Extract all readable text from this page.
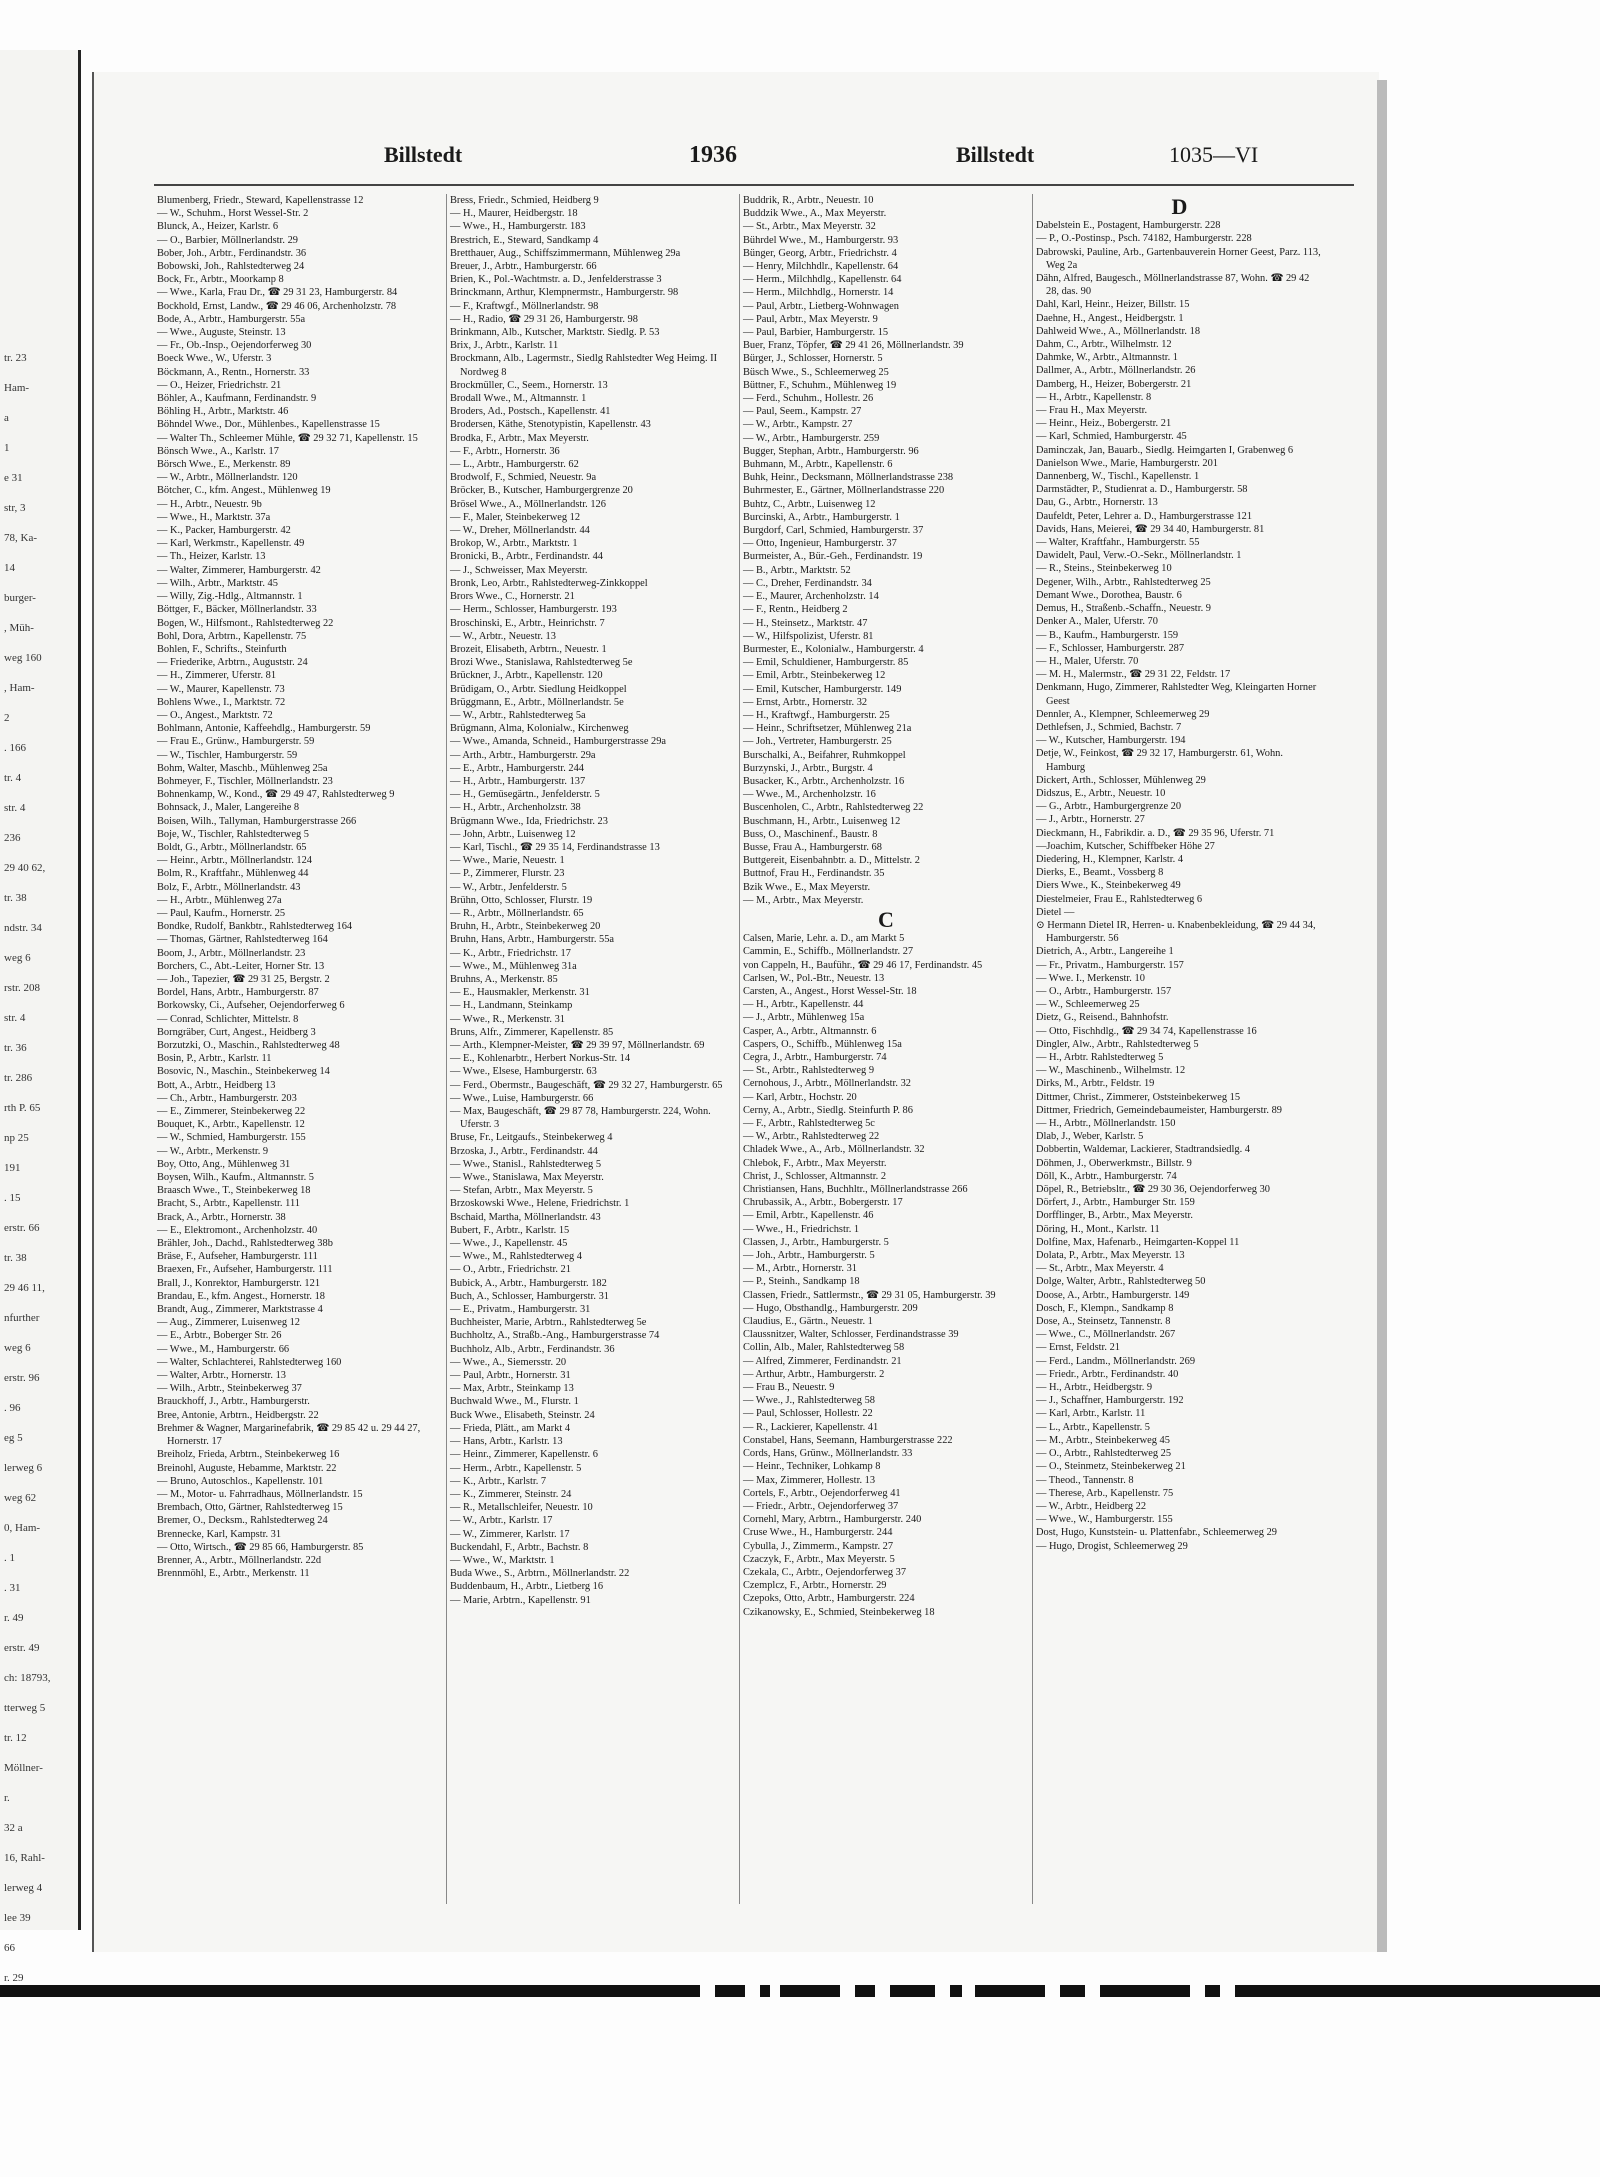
tr. 23
Ham-
a
1
e 31
str, 3
78, Ka-
14
burger-
, Müh-
weg 160
, Ham-
2
. 166
tr. 4
str. 4
236
29 40 62,
tr. 38
ndstr. 34
weg 6
rstr. 208
str. 4
tr. 36
tr. 286
rth P. 65
np 25
191
. 15
erstr. 66
tr. 38
29 46 11,
nfurther
weg 6
erstr. 96
. 96
eg 5
lerweg 6
weg 62
0, Ham-
. 1
. 31
r. 49
erstr. 49
ch: 18793,
tterweg 5
tr. 12
Möllner-
r.
32 a
16, Rahl-
lerweg 4
lee 39
66
r. 29
Billstedt	1936	Billstedt	1035—VI

Blumenberg, Friedr., Steward, Kapellenstrasse 12

— W., Schuhm., Horst Wessel-Str. 2

Blunck, A., Heizer, Karlstr. 6

— O., Barbier, Möllnerlandstr. 29

Bober, Joh., Arbtr., Ferdinandstr. 36

Bobowski, Joh., Rahlstedterweg 24

Bock, Fr., Arbtr., Moorkamp 8

— Wwe., Karla, Frau Dr., ☎ 29 31 23, Hamburgerstr. 84

Bockhold, Ernst, Landw., ☎ 29 46 06, Archenholzstr. 78

Bode, A., Arbtr., Hamburgerstr. 55a

— Wwe., Auguste, Steinstr. 13

— Fr., Ob.-Insp., Oejendorferweg 30

Boeck Wwe., W., Uferstr. 3

Böckmann, A., Rentn., Hornerstr. 33

— O., Heizer, Friedrichstr. 21

Böhler, A., Kaufmann, Ferdinandstr. 9

Böhling H., Arbtr., Marktstr. 46

Böhndel Wwe., Dor., Mühlenbes., Kapellenstrasse 15

— Walter Th., Schleemer Mühle, ☎ 29 32 71, Kapellenstr. 15

Bönsch Wwe., A., Karlstr. 17

Börsch Wwe., E., Merkenstr. 89

— W., Arbtr., Möllnerlandstr. 120

Bötcher, C., kfm. Angest., Mühlenweg 19

— H., Arbtr., Neuestr. 9b

— Wwe., H., Marktstr. 37a

— K., Packer, Hamburgerstr. 42

— Karl, Werkmstr., Kapellenstr. 49

— Th., Heizer, Karlstr. 13

— Walter, Zimmerer, Hamburgerstr. 42

— Wilh., Arbtr., Marktstr. 45

— Willy, Zig.-Hdlg., Altmannstr. 1

Böttger, F., Bäcker, Möllnerlandstr. 33

Bogen, W., Hilfsmont., Rahlstedterweg 22

Bohl, Dora, Arbtrn., Kapellenstr. 75

Bohlen, F., Schrifts., Steinfurth

— Friederike, Arbtrn., Auguststr. 24

— H., Zimmerer, Uferstr. 81

— W., Maurer, Kapellenstr. 73

Bohlens Wwe., I., Marktstr. 72

— O., Angest., Marktstr. 72

Bohlmann, Antonie, Kaffeehdlg., Hamburgerstr. 59

— Frau E., Grünw., Hamburgerstr. 59

— W., Tischler, Hamburgerstr. 59

Bohm, Walter, Maschb., Mühlenweg 25a

Bohmeyer, F., Tischler, Möllnerlandstr. 23

Bohnenkamp, W., Kond., ☎ 29 49 47, Rahlstedterweg 9

Bohnsack, J., Maler, Langereihe 8

Boisen, Wilh., Tallyman, Hamburgerstrasse 266

Boje, W., Tischler, Rahlstedterweg 5

Boldt, G., Arbtr., Möllnerlandstr. 65

— Heinr., Arbtr., Möllnerlandstr. 124

Bolm, R., Kraftfahr., Mühlenweg 44

Bolz, F., Arbtr., Möllnerlandstr. 43

— H., Arbtr., Mühlenweg 27a

— Paul, Kaufm., Hornerstr. 25

Bondke, Rudolf, Bankbtr., Rahlstedterweg 164

— Thomas, Gärtner, Rahlstedterweg 164

Boom, J., Arbtr., Möllnerlandstr. 23

Borchers, C., Abt.-Leiter, Horner Str. 13

— Joh., Tapezier, ☎ 29 31 25, Bergstr. 2

Bordel, Hans, Arbtr., Hamburgerstr. 87

Borkowsky, Ci., Aufseher, Oejendorferweg 6

— Conrad, Schlichter, Mittelstr. 8

Borngräber, Curt, Angest., Heidberg 3

Borzutzki, O., Maschin., Rahlstedterweg 48

Bosin, P., Arbtr., Karlstr. 11

Bosovic, N., Maschin., Steinbekerweg 14

Bott, A., Arbtr., Heidberg 13

— Ch., Arbtr., Hamburgerstr. 203

— E., Zimmerer, Steinbekerweg 22

Bouquet, K., Arbtr., Kapellenstr. 12

— W., Schmied, Hamburgerstr. 155

— W., Arbtr., Merkenstr. 9

Boy, Otto, Ang., Mühlenweg 31

Boysen, Wilh., Kaufm., Altmannstr. 5

Braasch Wwe., T., Steinbekerweg 18

Bracht, S., Arbtr., Kapellenstr. 111

Brack, A., Arbtr., Hornerstr. 38

— E., Elektromont., Archenholzstr. 40

Brähler, Joh., Dachd., Rahlstedterweg 38b

Bräse, F., Aufseher, Hamburgerstr. 111

Braexen, Fr., Aufseher, Hamburgerstr. 111

Brall, J., Konrektor, Hamburgerstr. 121

Brandau, E., kfm. Angest., Hornerstr. 18

Brandt, Aug., Zimmerer, Marktstrasse 4

— Aug., Zimmerer, Luisenweg 12

— E., Arbtr., Boberger Str. 26

— Wwe., M., Hamburgerstr. 66

— Walter, Schlachterei, Rahlstedterweg 160

— Walter, Arbtr., Hornerstr. 13

— Wilh., Arbtr., Steinbekerweg 37

Brauckhoff, J., Arbtr., Hamburgerstr.

Bree, Antonie, Arbtrn., Heidbergstr. 22

Brehmer & Wagner, Margarinefabrik, ☎ 29 85 42 u. 29 44 27, Hornerstr. 17

Breiholz, Frieda, Arbtrn., Steinbekerweg 16

Breinohl, Auguste, Hebamme, Marktstr. 22

— Bruno, Autoschlos., Kapellenstr. 101

— M., Motor- u. Fahrradhaus, Möllnerlandstr. 15

Brembach, Otto, Gärtner, Rahlstedterweg 15

Bremer, O., Decksm., Rahlstedterweg 24

Brennecke, Karl, Kampstr. 31

— Otto, Wirtsch., ☎ 29 85 66, Hamburgerstr. 85

Brenner, A., Arbtr., Möllnerlandstr. 22d

Brennmöhl, E., Arbtr., Merkenstr. 11

Bress, Friedr., Schmied, Heidberg 9

— H., Maurer, Heidbergstr. 18

— Wwe., H., Hamburgerstr. 183

Brestrich, E., Steward, Sandkamp 4

Bretthauer, Aug., Schiffszimmermann, Mühlenweg 29a

Breuer, J., Arbtr., Hamburgerstr. 66

Brien, K., Pol.-Wachtmstr. a. D., Jenfelderstrasse 3

Brinckmann, Arthur, Klempnermstr., Hamburgerstr. 98

— F., Kraftwgf., Möllnerlandstr. 98

— H., Radio, ☎ 29 31 26, Hamburgerstr. 98

Brinkmann, Alb., Kutscher, Marktstr. Siedlg. P. 53

Brix, J., Arbtr., Karlstr. 11

Brockmann, Alb., Lagermstr., Siedlg Rahlstedter Weg Heimg. II Nordweg 8

Brockmüller, C., Seem., Hornerstr. 13

Brodall Wwe., M., Altmannstr. 1

Broders, Ad., Postsch., Kapellenstr. 41

Brodersen, Käthe, Stenotypistin, Kapellenstr. 43

Brodka, F., Arbtr., Max Meyerstr.

— F., Arbtr., Hornerstr. 36

— L., Arbtr., Hamburgerstr. 62

Brodwolf, F., Schmied, Neuestr. 9a

Bröcker, B., Kutscher, Hamburgergrenze 20

Brösel Wwe., A., Möllnerlandstr. 126

— F., Maler, Steinbekerweg 12

— W., Dreher, Möllnerlandstr. 44

Brokop, W., Arbtr., Marktstr. 1

Bronicki, B., Arbtr., Ferdinandstr. 44

— J., Schweisser, Max Meyerstr.

Bronk, Leo, Arbtr., Rahlstedterweg-Zinkkoppel

Brors Wwe., C., Hornerstr. 21

— Herm., Schlosser, Hamburgerstr. 193

Broschinski, E., Arbtr., Heinrichstr. 7

— W., Arbtr., Neuestr. 13

Brozeit, Elisabeth, Arbtrn., Neuestr. 1

Brozi Wwe., Stanislawa, Rahlstedterweg 5e

Brückner, J., Arbtr., Kapellenstr. 120

Brüdigam, O., Arbtr. Siedlung Heidkoppel

Brüggmann, E., Arbtr., Möllnerlandstr. 5e

— W., Arbtr., Rahlstedterweg 5a

Brügmann, Alma, Kolonialw., Kirchenweg

— Wwe., Amanda, Schneid., Hamburgerstrasse 29a

— Arth., Arbtr., Hamburgerstr. 29a

— E., Arbtr., Hamburgerstr. 244

— H., Arbtr., Hamburgerstr. 137

— H., Gemüsegärtn., Jenfelderstr. 5

— H., Arbtr., Archenholzstr. 38

Brügmann Wwe., Ida, Friedrichstr. 23

— John, Arbtr., Luisenweg 12

— Karl, Tischl., ☎ 29 35 14, Ferdinandstrasse 13

— Wwe., Marie, Neuestr. 1

— P., Zimmerer, Flurstr. 23

— W., Arbtr., Jenfelderstr. 5

Brühn, Otto, Schlosser, Flurstr. 19

— R., Arbtr., Möllnerlandstr. 65

Bruhn, H., Arbtr., Steinbekerweg 20

Bruhn, Hans, Arbtr., Hamburgerstr. 55a

— K., Arbtr., Friedrichstr. 17

— Wwe., M., Mühlenweg 31a

Bruhns, A., Merkenstr. 85

— E., Hausmakler, Merkenstr. 31

— H., Landmann, Steinkamp

— Wwe., R., Merkenstr. 31

Bruns, Alfr., Zimmerer, Kapellenstr. 85

— Arth., Klempner-Meister, ☎ 29 39 97, Möllnerlandstr. 69

— E., Kohlenarbtr., Herbert Norkus-Str. 14

— Wwe., Elsese, Hamburgerstr. 63

— Ferd., Obermstr., Baugeschäft, ☎ 29 32 27, Hamburgerstr. 65

— Wwe., Luise, Hamburgerstr. 66

— Max, Baugeschäft, ☎ 29 87 78, Hamburgerstr. 224, Wohn. Uferstr. 3

Bruse, Fr., Leitgaufs., Steinbekerweg 4

Brzoska, J., Arbtr., Ferdinandstr. 44

— Wwe., Stanisl., Rahlstedterweg 5

— Wwe., Stanislawa, Max Meyerstr.

— Stefan, Arbtr., Max Meyerstr. 5

Brzoskowski Wwe., Helene, Friedrichstr. 1

Bschaid, Martha, Möllnerlandstr. 43

Bubert, F., Arbtr., Karlstr. 15

— Wwe., J., Kapellenstr. 45

— Wwe., M., Rahlstedterweg 4

— O., Arbtr., Friedrichstr. 21

Bubick, A., Arbtr., Hamburgerstr. 182

Buch, A., Schlosser, Hamburgerstr. 31

— E., Privatm., Hamburgerstr. 31

Buchheister, Marie, Arbtrn., Rahlstedterweg 5e

Buchholtz, A., Straßb.-Ang., Hamburgerstrasse 74

Buchholz, Alb., Arbtr., Ferdinandstr. 36

— Wwe., A., Siemersstr. 20

— Paul, Arbtr., Hornerstr. 31

— Max, Arbtr., Steinkamp 13

Buchwald Wwe., M., Flurstr. 1

Buck Wwe., Elisabeth, Steinstr. 24

— Frieda, Plätt., am Markt 4

— Hans, Arbtr., Karlstr. 13

— Heinr., Zimmerer, Kapellenstr. 6

— Herm., Arbtr., Kapellenstr. 5

— K., Arbtr., Karlstr. 7

— K., Zimmerer, Steinstr. 24

— R., Metallschleifer, Neuestr. 10

— W., Arbtr., Karlstr. 17

— W., Zimmerer, Karlstr. 17

Buckendahl, F., Arbtr., Bachstr. 8

— Wwe., W., Marktstr. 1

Buda Wwe., S., Arbtrn., Möllnerlandstr. 22

Buddenbaum, H., Arbtr., Lietberg 16

— Marie, Arbtrn., Kapellenstr. 91

Buddrik, R., Arbtr., Neuestr. 10

Buddzik Wwe., A., Max Meyerstr.

— St., Arbtr., Max Meyerstr. 32

Bührdel Wwe., M., Hamburgerstr. 93

Bünger, Georg, Arbtr., Friedrichstr. 4

— Henry, Milchhdlr., Kapellenstr. 64

— Herm., Milchhdlg., Kapellenstr. 64

— Herm., Milchhdlg., Hornerstr. 14

— Paul, Arbtr., Lietberg-Wohnwagen

— Paul, Arbtr., Max Meyerstr. 9

— Paul, Barbier, Hamburgerstr. 15

Buer, Franz, Töpfer, ☎ 29 41 26, Möllnerlandstr. 39

Bürger, J., Schlosser, Hornerstr. 5

Büsch Wwe., S., Schleemerweg 25

Büttner, F., Schuhm., Mühlenweg 19

— Ferd., Schuhm., Hollestr. 26

— Paul, Seem., Kampstr. 27

— W., Arbtr., Kampstr. 27

— W., Arbtr., Hamburgerstr. 259

Bugger, Stephan, Arbtr., Hamburgerstr. 96

Buhmann, M., Arbtr., Kapellenstr. 6

Buhk, Heinr., Decksmann, Möllnerlandstrasse 238

Buhrmester, E., Gärtner, Möllnerlandstrasse 220

Buhtz, C., Arbtr., Luisenweg 12

Burcinski, A., Arbtr., Hamburgerstr. 1

Burgdorf, Carl, Schmied, Hamburgerstr. 37

— Otto, Ingenieur, Hamburgerstr. 37

Burmeister, A., Bür.-Geh., Ferdinandstr. 19

— B., Arbtr., Marktstr. 52

— C., Dreher, Ferdinandstr. 34

— E., Maurer, Archenholzstr. 14

— F., Rentn., Heidberg 2

— H., Steinsetz., Marktstr. 47

— W., Hilfspolizist, Uferstr. 81

Burmester, E., Kolonialw., Hamburgerstr. 4

— Emil, Schuldiener, Hamburgerstr. 85

— Emil, Arbtr., Steinbekerweg 12

— Emil, Kutscher, Hamburgerstr. 149

— Ernst, Arbtr., Hornerstr. 32

— H., Kraftwgf., Hamburgerstr. 25

— Heinr., Schriftsetzer, Mühlenweg 21a

— Joh., Vertreter, Hamburgerstr. 25

Burschalki, A., Beifahrer, Ruhmkoppel

Burzynski, J., Arbtr., Burgstr. 4

Busacker, K., Arbtr., Archenholzstr. 16

— Wwe., M., Archenholzstr. 16

Buscenholen, C., Arbtr., Rahlstedterweg 22

Buschmann, H., Arbtr., Luisenweg 12

Buss, O., Maschinenf., Baustr. 8

Busse, Frau A., Hamburgerstr. 68

Buttgereit, Eisenbahnbtr. a. D., Mittelstr. 2

Buttnof, Frau H., Ferdinandstr. 35

Bzik Wwe., E., Max Meyerstr.

— M., Arbtr., Max Meyerstr.

C

Calsen, Marie, Lehr. a. D., am Markt 5

Cammin, E., Schiffb., Möllnerlandstr. 27

von Cappeln, H., Bauführ., ☎ 29 46 17, Ferdinandstr. 45

Carlsen, W., Pol.-Btr., Neuestr. 13

Carsten, A., Angest., Horst Wessel-Str. 18

— H., Arbtr., Kapellenstr. 44

— J., Arbtr., Mühlenweg 15a

Casper, A., Arbtr., Altmannstr. 6

Caspers, O., Schiffb., Mühlenweg 15a

Cegra, J., Arbtr., Hamburgerstr. 74

— St., Arbtr., Rahlstedterweg 9

Cernohous, J., Arbtr., Möllnerlandstr. 32

— Karl, Arbtr., Hochstr. 20

Cerny, A., Arbtr., Siedlg. Steinfurth P. 86

— F., Arbtr., Rahlstedterweg 5c

— W., Arbtr., Rahlstedterweg 22

Chladek Wwe., A., Arb., Möllnerlandstr. 32

Chlebok, F., Arbtr., Max Meyerstr.

Christ, J., Schlosser, Altmannstr. 2

Christiansen, Hans, Buchhltr., Möllnerlandstrasse 266

Chrubassik, A., Arbtr., Bobergerstr. 17

— Emil, Arbtr., Kapellenstr. 46

— Wwe., H., Friedrichstr. 1

Classen, J., Arbtr., Hamburgerstr. 5

— Joh., Arbtr., Hamburgerstr. 5

— M., Arbtr., Hornerstr. 31

— P., Steinh., Sandkamp 18

Classen, Friedr., Sattlermstr., ☎ 29 31 05, Hamburgerstr. 39

— Hugo, Obsthandlg., Hamburgerstr. 209

Claudius, E., Gärtn., Neuestr. 1

Claussnitzer, Walter, Schlosser, Ferdinandstrasse 39

Collin, Alb., Maler, Rahlstedterweg 58

— Alfred, Zimmerer, Ferdinandstr. 21

— Arthur, Arbtr., Hamburgerstr. 2

— Frau B., Neuestr. 9

— Wwe., J., Rahlstedterweg 58

— Paul, Schlosser, Hollestr. 22

— R., Lackierer, Kapellenstr. 41

Constabel, Hans, Seemann, Hamburgerstrasse 222

Cords, Hans, Grünw., Möllnerlandstr. 33

— Heinr., Techniker, Lohkamp 8

— Max, Zimmerer, Hollestr. 13

Cortels, F., Arbtr., Oejendorferweg 41

— Friedr., Arbtr., Oejendorferweg 37

Cornehl, Mary, Arbtrn., Hamburgerstr. 240

Cruse Wwe., H., Hamburgerstr. 244

Cybulla, J., Zimmerm., Kampstr. 27

Czaczyk, F., Arbtr., Max Meyerstr. 5

Czekala, C., Arbtr., Oejendorferweg 37

Czemplcz, F., Arbtr., Hornerstr. 29

Czepoks, Otto, Arbtr., Hamburgerstr. 224

Czikanowsky, E., Schmied, Steinbekerweg 18

D

Dabelstein E., Postagent, Hamburgerstr. 228

— P., O.-Postinsp., Psch. 74182, Hamburgerstr. 228

Dabrowski, Pauline, Arb., Gartenbauverein Horner Geest, Parz. 113, Weg 2a

Dähn, Alfred, Baugesch., Möllnerlandstrasse 87, Wohn. ☎ 29 42 28, das. 90

Dahl, Karl, Heinr., Heizer, Billstr. 15

Daehne, H., Angest., Heidbergstr. 1

Dahlweid Wwe., A., Möllnerlandstr. 18

Dahm, C., Arbtr., Wilhelmstr. 12

Dahmke, W., Arbtr., Altmannstr. 1

Dallmer, A., Arbtr., Möllnerlandstr. 26

Damberg, H., Heizer, Bobergerstr. 21

— H., Arbtr., Kapellenstr. 8

— Frau H., Max Meyerstr.

— Heinr., Heiz., Bobergerstr. 21

— Karl, Schmied, Hamburgerstr. 45

Daminczak, Jan, Bauarb., Siedlg. Heimgarten I, Grabenweg 6

Danielson Wwe., Marie, Hamburgerstr. 201

Dannenberg, W., Tischl., Kapellenstr. 1

Darmstädter, P., Studienrat a. D., Hamburgerstr. 58

Dau, G., Arbtr., Hornerstr. 13

Daufeldt, Peter, Lehrer a. D., Hamburgerstrasse 121

Davids, Hans, Meierei, ☎ 29 34 40, Hamburgerstr. 81

— Walter, Kraftfahr., Hamburgerstr. 55

Dawidelt, Paul, Verw.-O.-Sekr., Möllnerlandstr. 1

— R., Steins., Steinbekerweg 10

Degener, Wilh., Arbtr., Rahlstedterweg 25

Demant Wwe., Dorothea, Baustr. 6

Demus, H., Straßenb.-Schaffn., Neuestr. 9

Denker A., Maler, Uferstr. 70

— B., Kaufm., Hamburgerstr. 159

— F., Schlosser, Hamburgerstr. 287

— H., Maler, Uferstr. 70

— M. H., Malermstr., ☎ 29 31 22, Feldstr. 17

Denkmann, Hugo, Zimmerer, Rahlstedter Weg, Kleingarten Horner Geest

Dennler, A., Klempner, Schleemerweg 29

Dethlefsen, J., Schmied, Bachstr. 7

— W., Kutscher, Hamburgerstr. 194

Detje, W., Feinkost, ☎ 29 32 17, Hamburgerstr. 61, Wohn. Hamburg

Dickert, Arth., Schlosser, Mühlenweg 29

Didszus, E., Arbtr., Neuestr. 10

— G., Arbtr., Hamburgergrenze 20

— J., Arbtr., Hornerstr. 27

Dieckmann, H., Fabrikdir. a. D., ☎ 29 35 96, Uferstr. 71

—Joachim, Kutscher, Schiffbeker Höhe 27

Diedering, H., Klempner, Karlstr. 4

Dierks, E., Beamt., Vossberg 8

Diers Wwe., K., Steinbekerweg 49

Diestelmeier, Frau E., Rahlstedterweg 6

Dietel —

⊙ Hermann Dietel IR, Herren- u. Knabenbekleidung, ☎ 29 44 34, Hamburgerstr. 56

Dietrich, A., Arbtr., Langereihe 1

— Fr., Privatm., Hamburgerstr. 157

— Wwe. I., Merkenstr. 10

— O., Arbtr., Hamburgerstr. 157

— W., Schleemerweg 25

Dietz, G., Reisend., Bahnhofstr.

— Otto, Fischhdlg., ☎ 29 34 74, Kapellenstrasse 16

Dingler, Alw., Arbtr., Rahlstedterweg 5

— H., Arbtr. Rahlstedterweg 5

— W., Maschinenb., Wilhelmstr. 12

Dirks, M., Arbtr., Feldstr. 19

Dittmer, Christ., Zimmerer, Oststeinbekerweg 15

Dittmer, Friedrich, Gemeindebaumeister, Hamburgerstr. 89

— H., Arbtr., Möllnerlandstr. 150

Dlab, J., Weber, Karlstr. 5

Dobbertin, Waldemar, Lackierer, Stadtrandsiedlg. 4

Döhmen, J., Oberwerkmstr., Billstr. 9

Döll, K., Arbtr., Hamburgerstr. 74

Döpel, R., Betriebsltr., ☎ 29 30 36, Oejendorferweg 30

Dörfert, J., Arbtr., Hamburger Str. 159

Dorfflinger, B., Arbtr., Max Meyerstr.

Döring, H., Mont., Karlstr. 11

Dolfine, Max, Hafenarb., Heimgarten-Koppel 11

Dolata, P., Arbtr., Max Meyerstr. 13

— St., Arbtr., Max Meyerstr. 4

Dolge, Walter, Arbtr., Rahlstedterweg 50

Doose, A., Arbtr., Hamburgerstr. 149

Dosch, F., Klempn., Sandkamp 8

Dose, A., Steinsetz, Tannenstr. 8

— Wwe., C., Möllnerlandstr. 267

— Ernst, Feldstr. 21

— Ferd., Landm., Möllnerlandstr. 269

— Friedr., Arbtr., Ferdinandstr. 40

— H., Arbtr., Heidbergstr. 9

— J., Schaffner, Hamburgerstr. 192

— Karl, Arbtr., Karlstr. 11

— L., Arbtr., Kapellenstr. 5

— M., Arbtr., Steinbekerweg 45

— O., Arbtr., Rahlstedterweg 25

— O., Steinmetz, Steinbekerweg 21

— Theod., Tannenstr. 8

— Therese, Arb., Kapellenstr. 75

— W., Arbtr., Heidberg 22

— Wwe., W., Hamburgerstr. 155

Dost, Hugo, Kunststein- u. Plattenfabr., Schleemerweg 29

— Hugo, Drogist, Schleemerweg 29
